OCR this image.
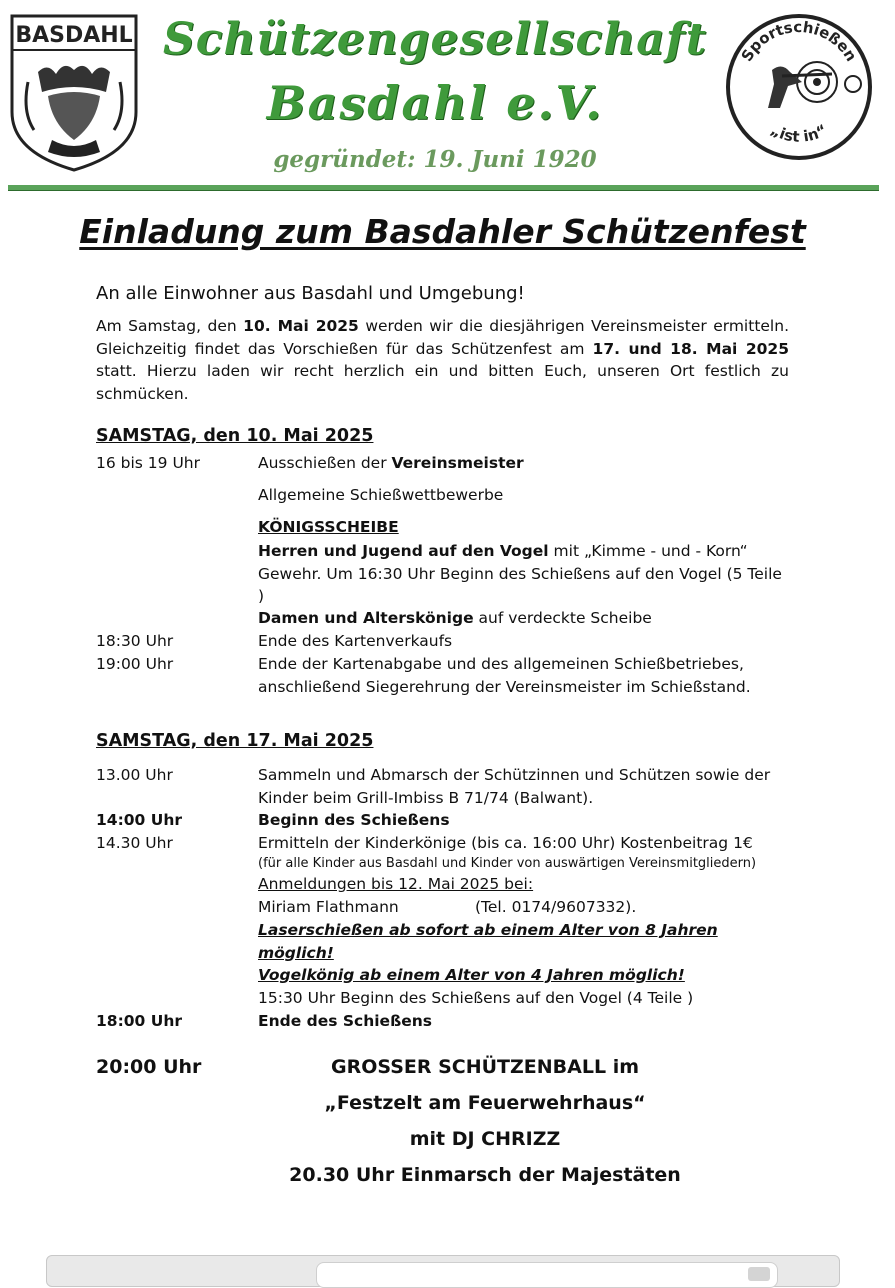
BASDAHL Schützengesellschaft
Basdahl e.V.
gegründet: 19. Juni 1920
Sportschießen
„ist in“
Einladung zum Basdahler Schützenfest
An alle Einwohner aus Basdahl und Umgebung!
Am Samstag, den 10. Mai 2025 werden wir die diesjährigen Vereinsmeister ermitteln. Gleichzeitig findet das Vorschießen für das Schützenfest am 17. und 18. Mai 2025 statt. Hierzu laden wir recht herzlich ein und bitten Euch, unseren Ort festlich zu schmücken.
SAMSTAG, den 10. Mai 2025
16 bis 19 Uhr	Ausschießen der Vereinsmeister
Allgemeine Schießwettbewerbe
KÖNIGSSCHEIBE
Herren und Jugend auf den Vogel mit „Kimme - und - Korn“ Gewehr. Um 16:30 Uhr Beginn des Schießens auf den Vogel (5 Teile )
Damen und Alterskönige auf verdeckte Scheibe
18:30 Uhr	Ende des Kartenverkaufs
19:00 Uhr	Ende der Kartenabgabe und des allgemeinen Schießbetriebes, anschließend Siegerehrung der Vereinsmeister im Schießstand.
SAMSTAG, den 17. Mai 2025
13.00 Uhr	Sammeln und Abmarsch der Schützinnen und Schützen sowie der Kinder beim Grill-Imbiss B 71/74 (Balwant).
14:00 Uhr	Beginn des Schießens
14.30 Uhr	Ermitteln der Kinderkönige (bis ca. 16:00 Uhr) Kostenbeitrag 1€
(für alle Kinder aus Basdahl und Kinder von auswärtigen Vereinsmitgliedern)
Anmeldungen bis 12. Mai 2025 bei:
Miriam Flathmann	(Tel. 0174/9607332).
Laserschießen ab sofort ab einem Alter von 8 Jahren möglich!
Vogelkönig ab einem Alter von 4 Jahren möglich!
15:30 Uhr Beginn des Schießens auf den Vogel (4 Teile )
18:00 Uhr	Ende des Schießens
20:00 Uhr	GROSSER SCHÜTZENBALL im
„Festzelt am Feuerwehrhaus“
mit DJ CHRIZZ
20.30 Uhr Einmarsch der Majestäten
